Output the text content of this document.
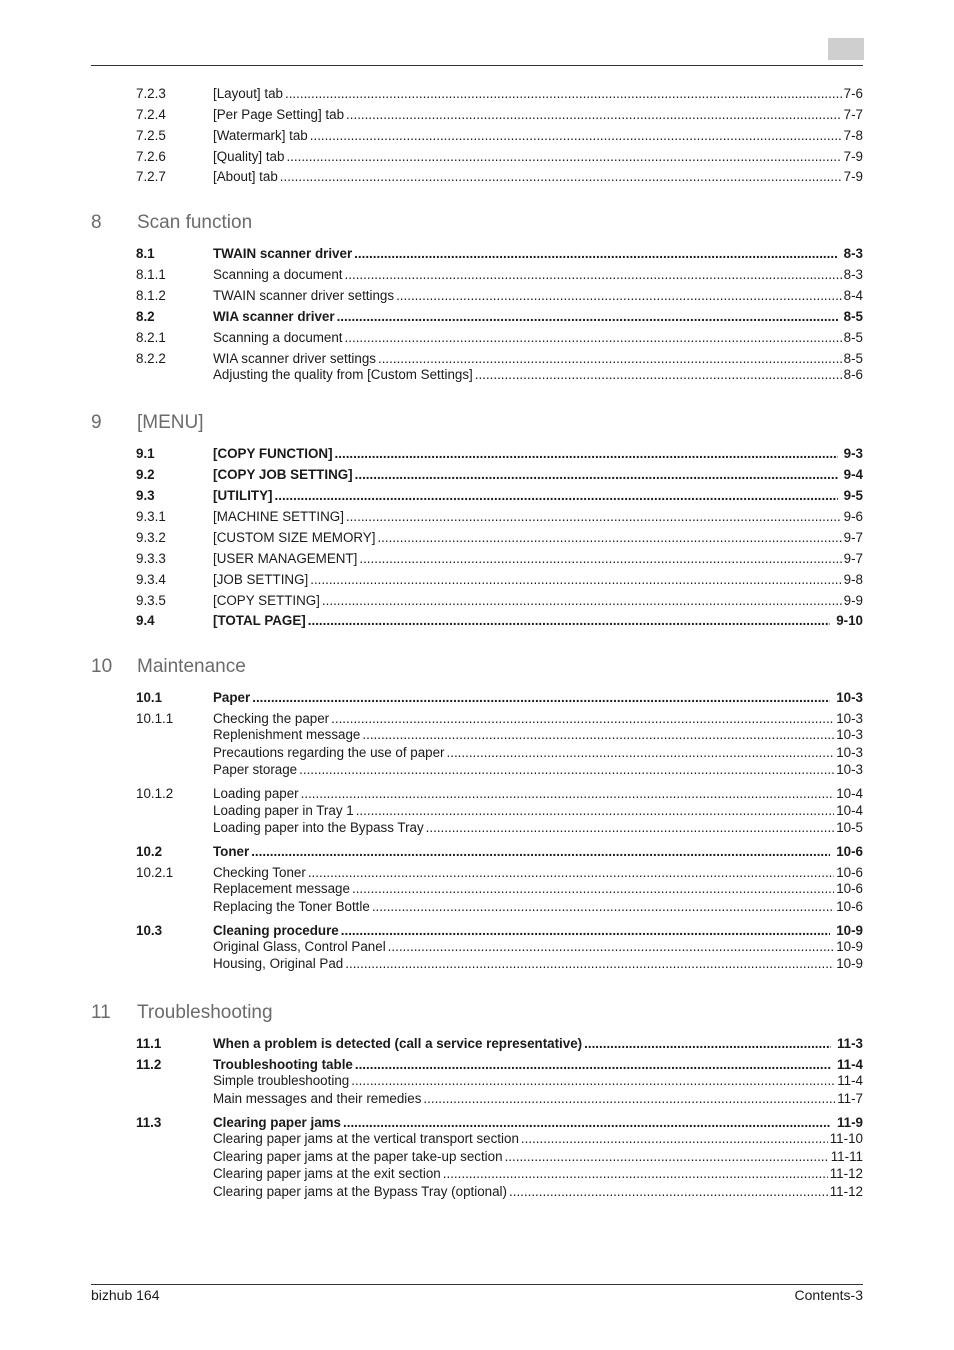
7.2.3	[Layout] tab .....	7-6
7.2.4	[Per Page Setting] tab .....	7-7
7.2.5	[Watermark] tab .....	7-8
7.2.6	[Quality] tab .....	7-9
7.2.7	[About] tab .....	7-9
8 Scan function
8.1	TWAIN scanner driver .....	8-3
8.1.1	Scanning a document .....	8-3
8.1.2	TWAIN scanner driver settings .....	8-4
8.2	WIA scanner driver .....	8-5
8.2.1	Scanning a document .....	8-5
8.2.2	WIA scanner driver settings .....	8-5
Adjusting the quality from [Custom Settings] .....	8-6
9 [MENU]
9.1	[COPY FUNCTION] .....	9-3
9.2	[COPY JOB SETTING] .....	9-4
9.3	[UTILITY] .....	9-5
9.3.1	[MACHINE SETTING] .....	9-6
9.3.2	[CUSTOM SIZE MEMORY] .....	9-7
9.3.3	[USER MANAGEMENT] .....	9-7
9.3.4	[JOB SETTING] .....	9-8
9.3.5	[COPY SETTING] .....	9-9
9.4	[TOTAL PAGE] .....	9-10
10 Maintenance
10.1	Paper .....	10-3
10.1.1	Checking the paper .....	10-3
Replenishment message .....	10-3
Precautions regarding the use of paper .....	10-3
Paper storage .....	10-3
10.1.2	Loading paper .....	10-4
Loading paper in Tray 1 .....	10-4
Loading paper into the Bypass Tray .....	10-5
10.2	Toner .....	10-6
10.2.1	Checking Toner .....	10-6
Replacement message .....	10-6
Replacing the Toner Bottle .....	10-6
10.3	Cleaning procedure .....	10-9
Original Glass, Control Panel .....	10-9
Housing, Original Pad .....	10-9
11 Troubleshooting
11.1	When a problem is detected (call a service representative) .....	11-3
11.2	Troubleshooting table .....	11-4
Simple troubleshooting .....	11-4
Main messages and their remedies .....	11-7
11.3	Clearing paper jams .....	11-9
Clearing paper jams at the vertical transport section .....	11-10
Clearing paper jams at the paper take-up section .....	11-11
Clearing paper jams at the exit section .....	11-12
Clearing paper jams at the Bypass Tray (optional) .....	11-12
bizhub 164	Contents-3
